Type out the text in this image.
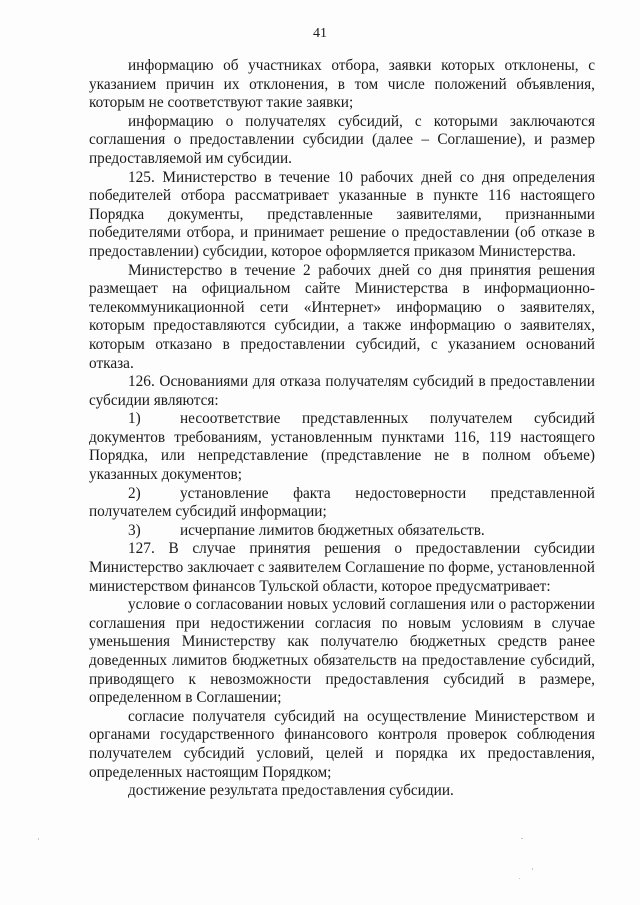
41

информацию об участниках отбора, заявки которых отклонены, с указанием причин их отклонения, в том числе положений объявления, которым не соответствуют такие заявки;

информацию о получателях субсидий, с которыми заключаются соглашения о предоставлении субсидии (далее – Соглашение), и размер предоставляемой им субсидии.

125. Министерство в течение 10 рабочих дней со дня определения победителей отбора рассматривает указанные в пункте 116 настоящего Порядка документы, представленные заявителями, признанными победителями отбора, и принимает решение о предоставлении (об отказе в предоставлении) субсидии, которое оформляется приказом Министерства.

Министерство в течение 2 рабочих дней со дня принятия решения размещает на официальном сайте Министерства в информационно-телекоммуникационной сети «Интернет» информацию о заявителях, которым предоставляются субсидии, а также информацию о заявителях, которым отказано в предоставлении субсидий, с указанием оснований отказа.

126. Основаниями для отказа получателям субсидий в предоставлении субсидии являются:

1)	несоответствие представленных получателем субсидий документов требованиям, установленным пунктами 116, 119 настоящего Порядка, или непредставление (представление не в полном объеме) указанных документов;

2)	установление факта недостоверности представленной получателем субсидий информации;

3)	исчерпание лимитов бюджетных обязательств.

127. В случае принятия решения о предоставлении субсидии Министерство заключает с заявителем Соглашение по форме, установленной министерством финансов Тульской области, которое предусматривает:

условие о согласовании новых условий соглашения или о расторжении соглашения при недостижении согласия по новым условиям в случае уменьшения Министерству как получателю бюджетных средств ранее доведенных лимитов бюджетных обязательств на предоставление субсидий, приводящего к невозможности предоставления субсидий в размере, определенном в Соглашении;

согласие получателя субсидий на осуществление Министерством и органами государственного финансового контроля проверок соблюдения получателем субсидий условий, целей и порядка их предоставления, определенных настоящим Порядком;

достижение результата предоставления субсидии.
